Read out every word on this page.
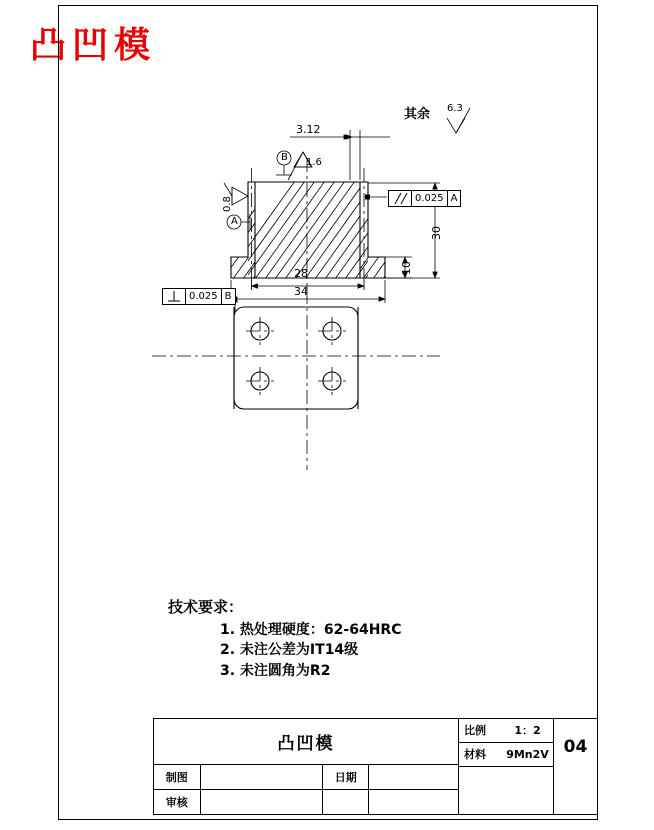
凸凹模
3.12
1.6
0.8
B
A
28
34
30
10
其余 6.3
0.025 A
0.025 B
技术要求：
1. 热处理硬度：62-64HRC
2. 未注公差为IT14级
3. 未注圆角为R2
凸凹模
制图	日期
审核
比例	1：2
材料	9Mn2V 04
